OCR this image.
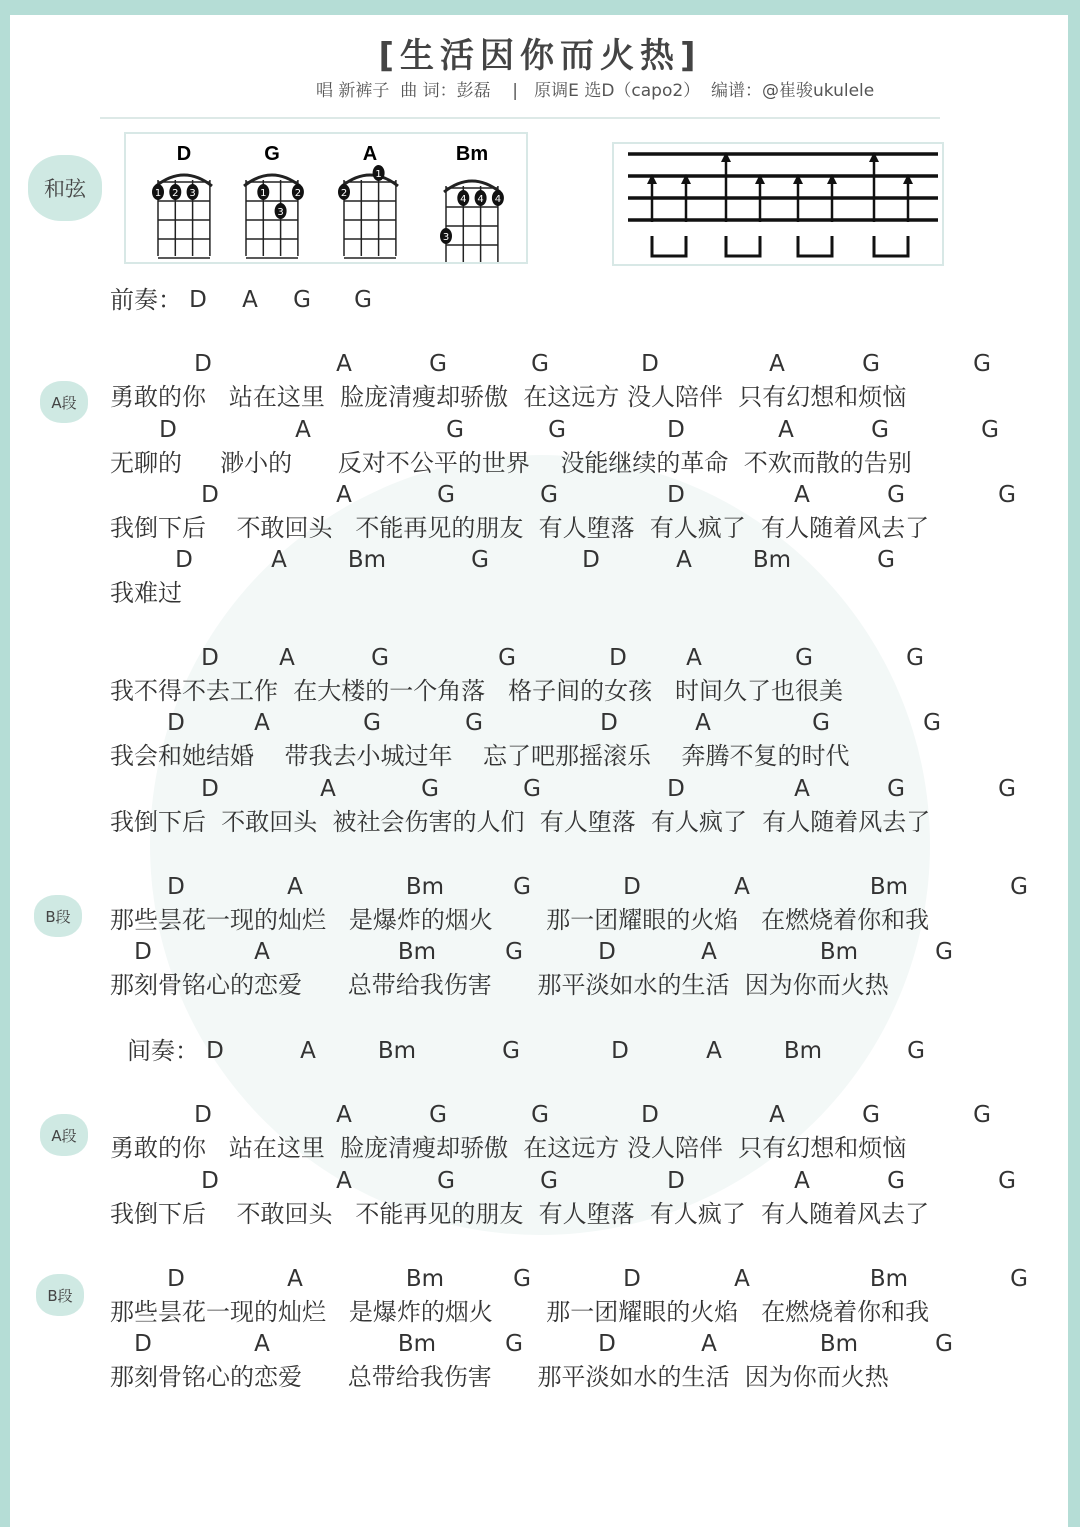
[生活因你而火热]
唱 新裤子  曲 词：彭磊    |   原调E 选D（capo2）  编谱：@崔骏ukulele
和弦
D
1 2 3
G
1	2
3
A
1
2
Bm
4 4 4
3
前奏： D A G G
间奏： D	A	Bm	G	D	A	Bm	G
A段
B段
A段
B段
D	A	G	G	D	A	G	G
勇敢的你   站在这里  脸庞清瘦却骄傲  在这远方 没人陪伴  只有幻想和烦恼
D	A	G	G	D	A	G	G
无聊的     渺小的      反对不公平的世界    没能继续的革命  不欢而散的告别
D	A	G	G	D	A	G	G
我倒下后    不敢回头   不能再见的朋友  有人堕落  有人疯了  有人随着风去了
D	A	Bm	G	D	A	Bm	G
我难过
D	A	G	G	D	A	G	G
我不得不去工作  在大楼的一个角落   格子间的女孩   时间久了也很美
D	A	G	G	D	A	G	G
我会和她结婚    带我去小城过年    忘了吧那摇滚乐    奔腾不复的时代
D	A	G	G	D	A	G	G
我倒下后  不敢回头  被社会伤害的人们  有人堕落  有人疯了  有人随着风去了
D	A	Bm	G	D	A	Bm	G
那些昙花一现的灿烂   是爆炸的烟火       那一团耀眼的火焰   在燃烧着你和我
D	A	Bm	G	D	A	Bm	G
那刻骨铭心的恋爱      总带给我伤害      那平淡如水的生活  因为你而火热
D	A	G	G	D	A	G	G
勇敢的你   站在这里  脸庞清瘦却骄傲  在这远方 没人陪伴  只有幻想和烦恼
D	A	G	G	D	A	G	G
我倒下后    不敢回头   不能再见的朋友  有人堕落  有人疯了  有人随着风去了
D	A	Bm	G	D	A	Bm	G
那些昙花一现的灿烂   是爆炸的烟火       那一团耀眼的火焰   在燃烧着你和我
D	A	Bm	G	D	A	Bm	G
那刻骨铭心的恋爱      总带给我伤害      那平淡如水的生活  因为你而火热
